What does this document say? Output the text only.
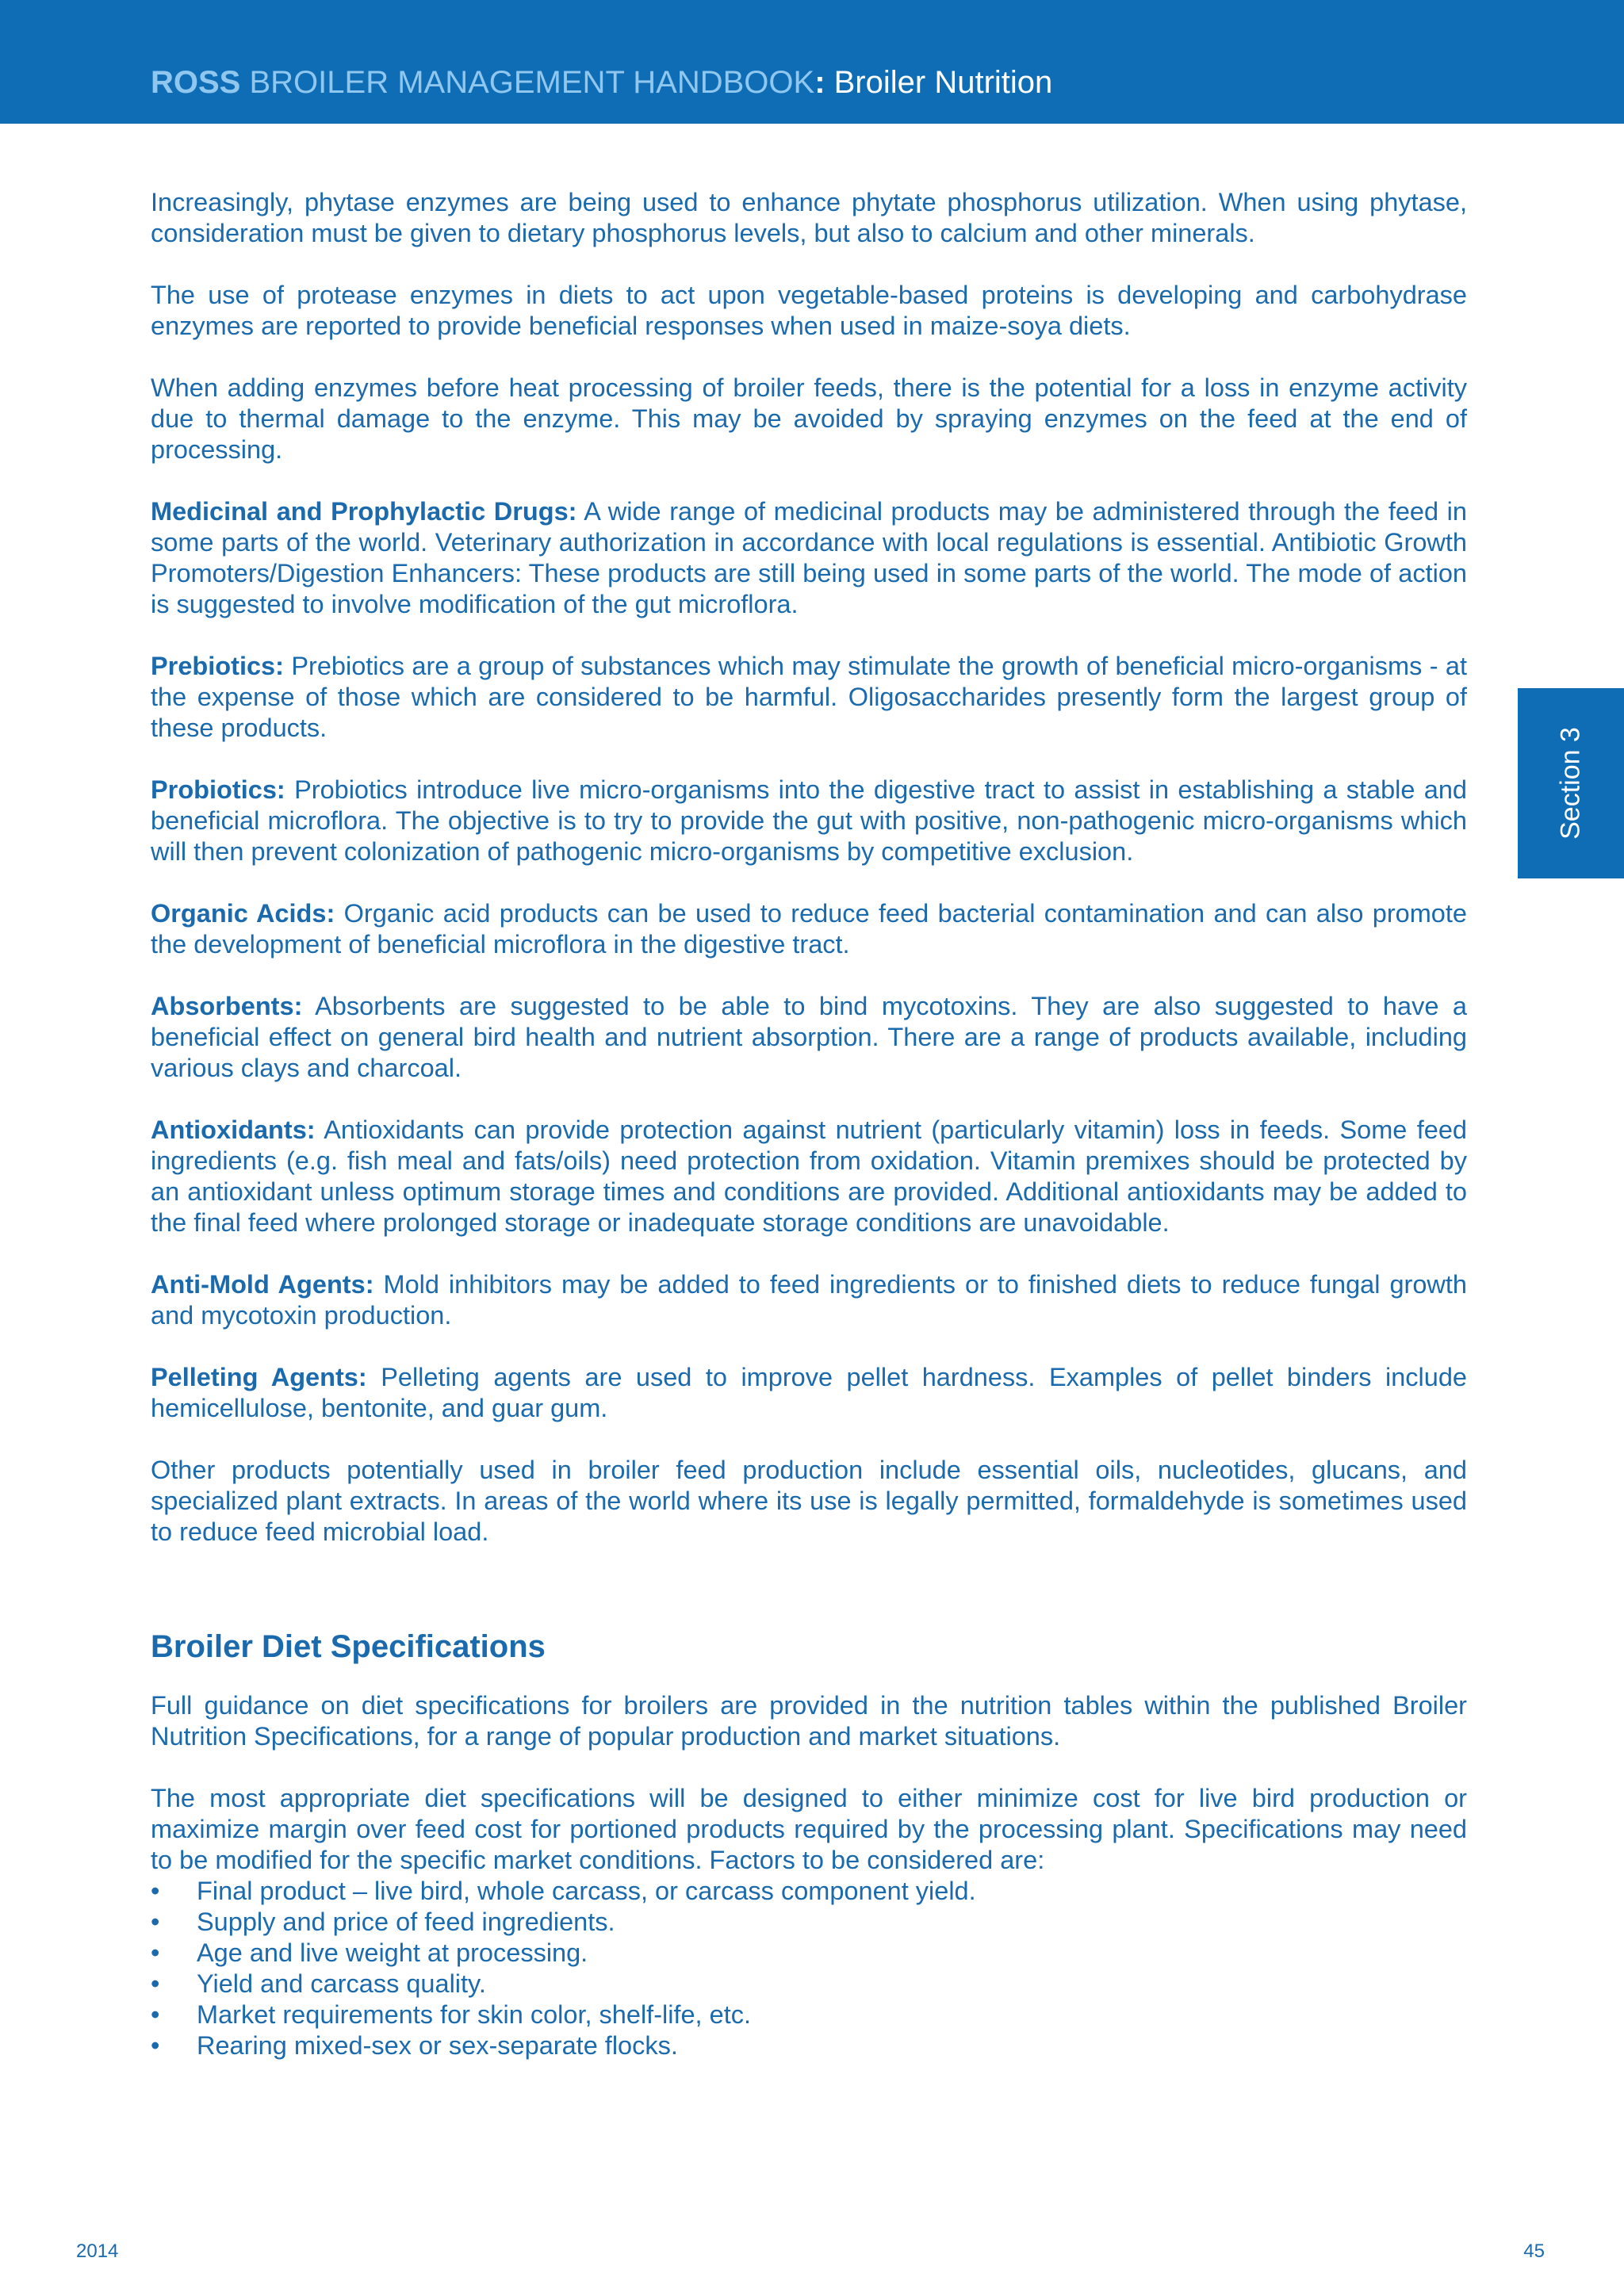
ROSS BROILER MANAGEMENT HANDBOOK: Broiler Nutrition
Section 3

Increasingly, phytase enzymes are being used to enhance phytate phosphorus utilization. When using phytase, consideration must be given to dietary phosphorus levels, but also to calcium and other minerals.

The use of protease enzymes in diets to act upon vegetable-based proteins is developing and carbohydrase enzymes are reported to provide beneficial responses when used in maize-soya diets.

When adding enzymes before heat processing of broiler feeds, there is the potential for a loss in enzyme activity due to thermal damage to the enzyme. This may be avoided by spraying enzymes on the feed at the end of processing.

Medicinal and Prophylactic Drugs: A wide range of medicinal products may be administered through the feed in some parts of the world. Veterinary authorization in accordance with local regulations is essential. Antibiotic Growth Promoters/Digestion Enhancers: These products are still being used in some parts of the world. The mode of action is suggested to involve modification of the gut microflora.

Prebiotics: Prebiotics are a group of substances which may stimulate the growth of beneficial micro-organisms - at the expense of those which are considered to be harmful. Oligosaccharides presently form the largest group of these products.

Probiotics: Probiotics introduce live micro-organisms into the digestive tract to assist in establishing a stable and beneficial microflora. The objective is to try to provide the gut with positive, non-pathogenic micro-organisms which will then prevent colonization of pathogenic micro-organisms by competitive exclusion.

Organic Acids: Organic acid products can be used to reduce feed bacterial contamination and can also promote the development of beneficial microflora in the digestive tract.

Absorbents: Absorbents are suggested to be able to bind mycotoxins. They are also suggested to have a beneficial effect on general bird health and nutrient absorption. There are a range of products available, including various clays and charcoal.

Antioxidants: Antioxidants can provide protection against nutrient (particularly vitamin) loss in feeds. Some feed ingredients (e.g. fish meal and fats/oils) need protection from oxidation. Vitamin premixes should be protected by an antioxidant unless optimum storage times and conditions are provided. Additional antioxidants may be added to the final feed where prolonged storage or inadequate storage conditions are unavoidable.

Anti-Mold Agents: Mold inhibitors may be added to feed ingredients or to finished diets to reduce fungal growth and mycotoxin production.

Pelleting Agents: Pelleting agents are used to improve pellet hardness. Examples of pellet binders include hemicellulose, bentonite, and guar gum.

Other products potentially used in broiler feed production include essential oils, nucleotides, glucans, and specialized plant extracts. In areas of the world where its use is legally permitted, formaldehyde is sometimes used to reduce feed microbial load.

Broiler Diet Specifications

Full guidance on diet specifications for broilers are provided in the nutrition tables within the published Broiler Nutrition Specifications, for a range of popular production and market situations.

The most appropriate diet specifications will be designed to either minimize cost for live bird production or maximize margin over feed cost for portioned products required by the processing plant. Specifications may need to be modified for the specific market conditions. Factors to be considered are:

• Final product – live bird, whole carcass, or carcass component yield.
• Supply and price of feed ingredients.
• Age and live weight at processing.
• Yield and carcass quality.
• Market requirements for skin color, shelf-life, etc.
• Rearing mixed-sex or sex-separate flocks.
2014	45
